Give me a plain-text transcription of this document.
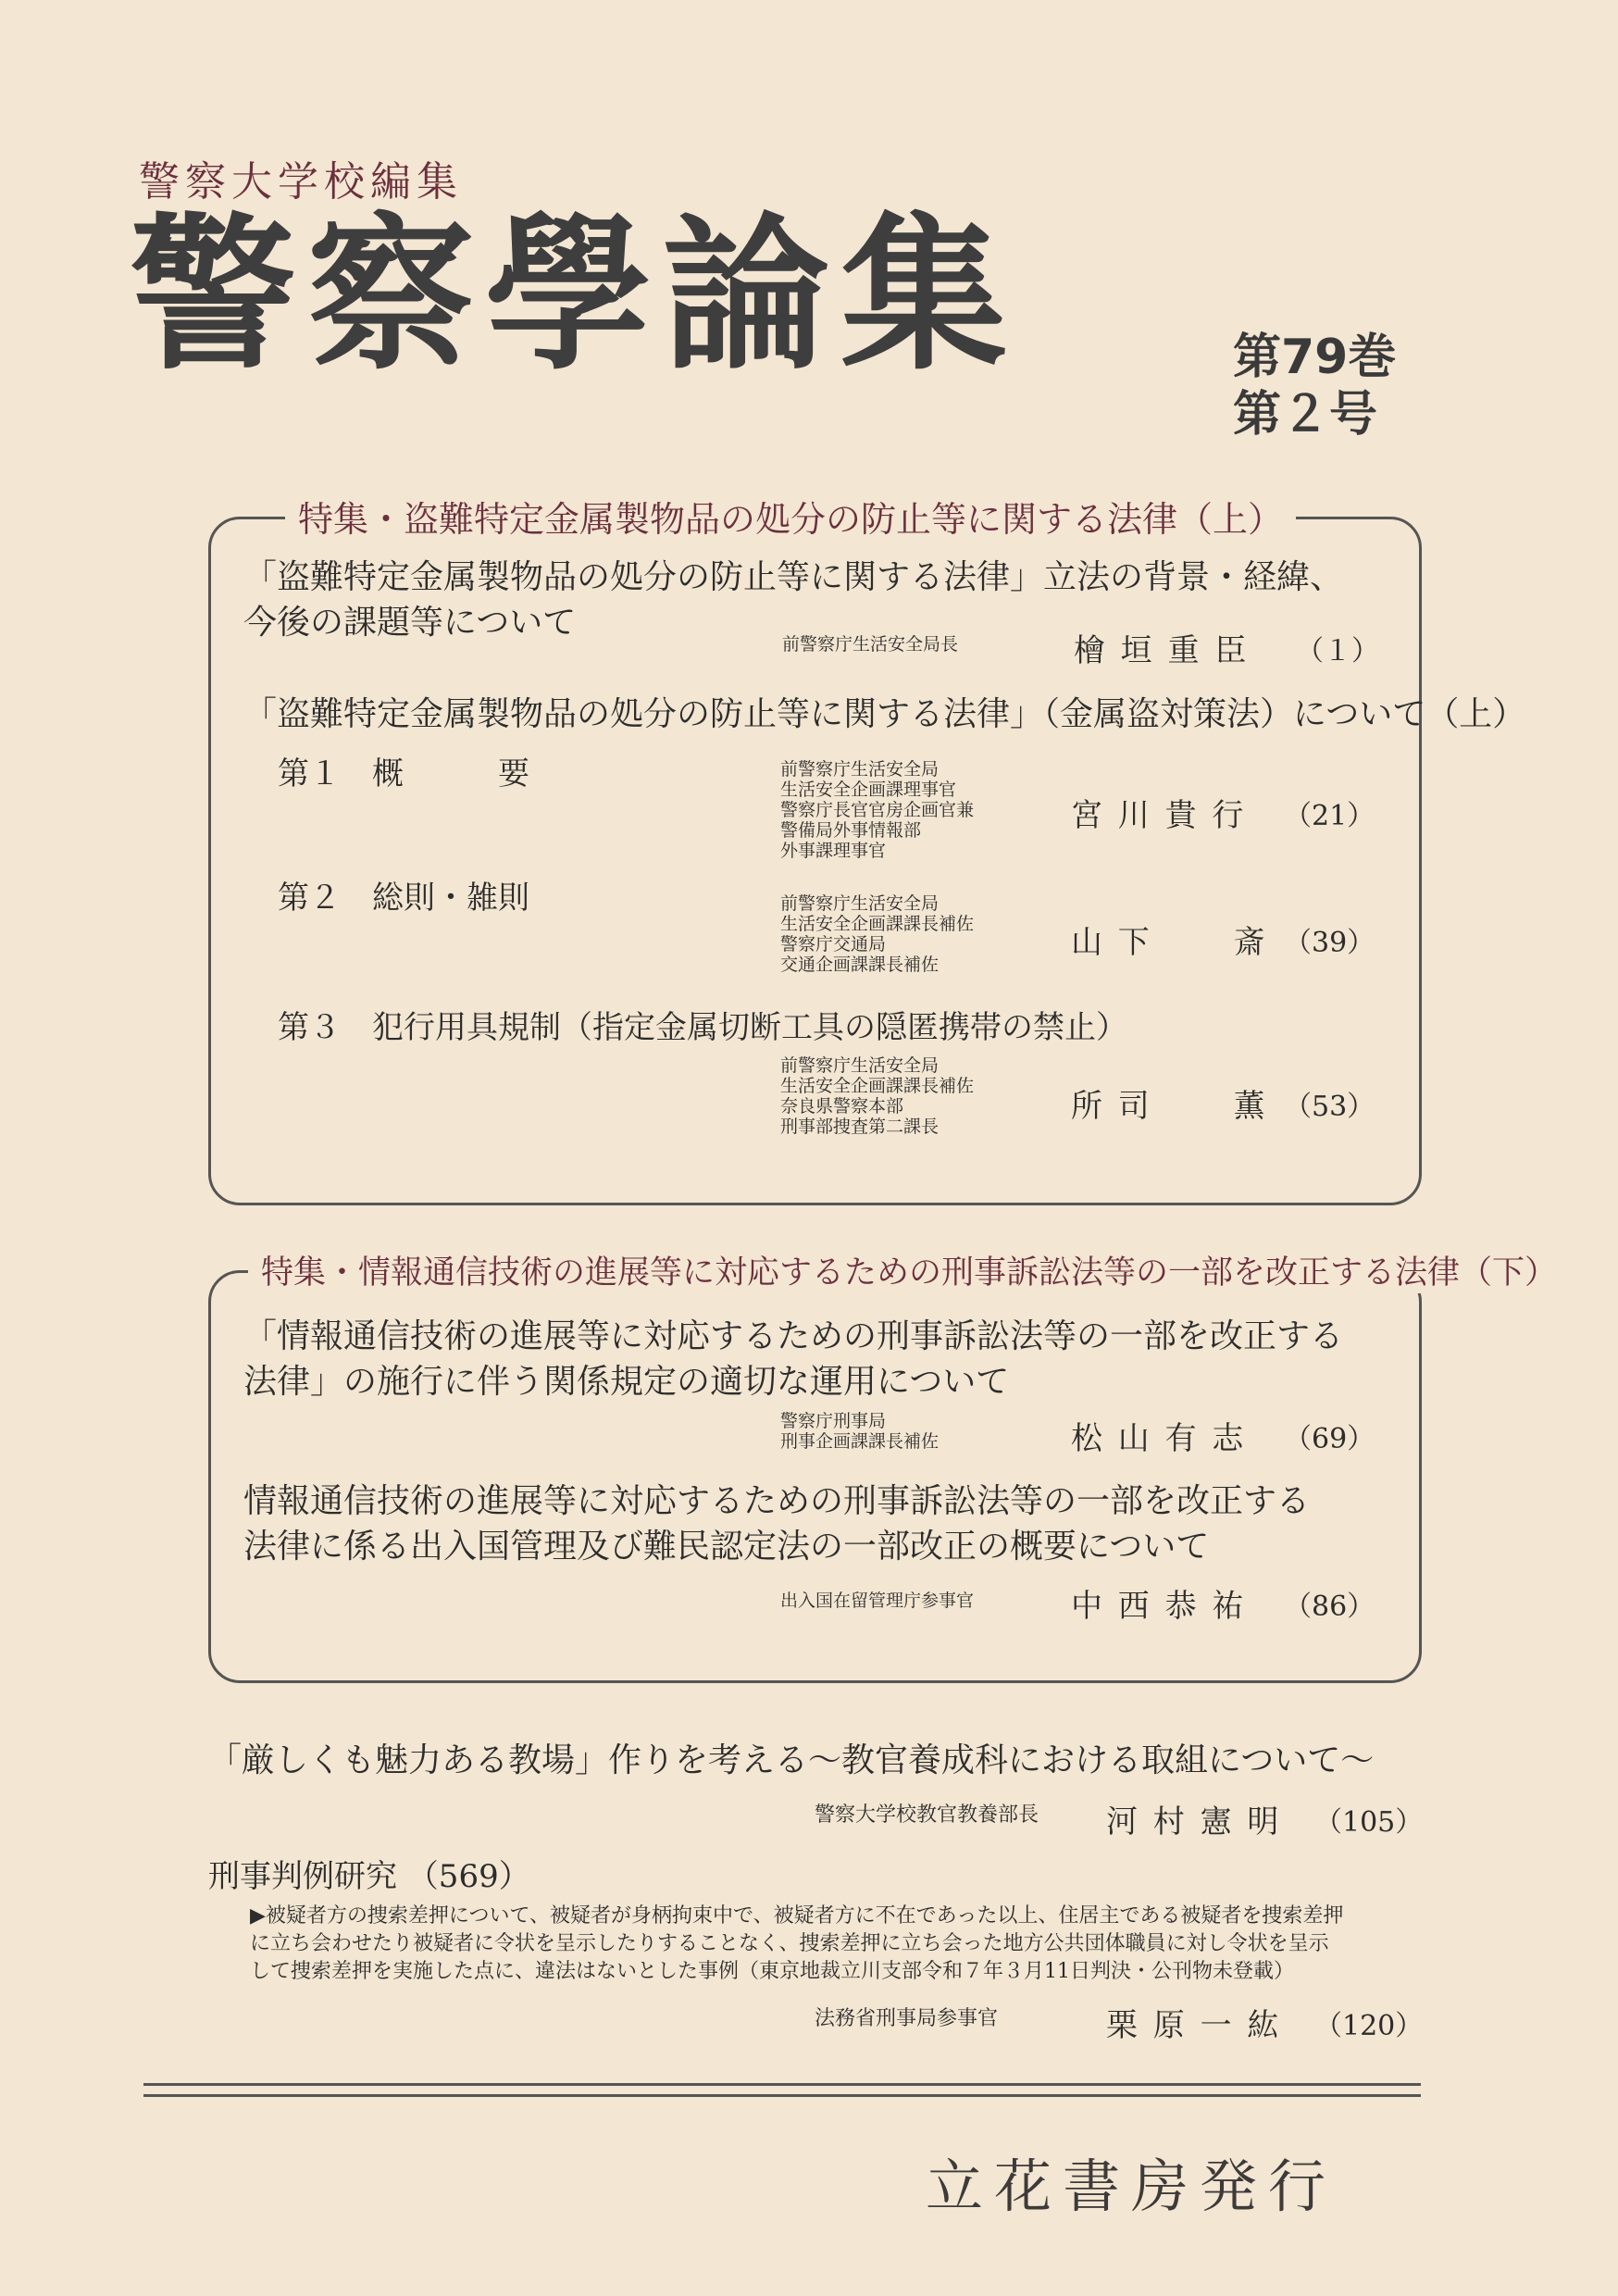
警察大学校編集
警察學論集	第79巻
第２号
特集・盗難特定金属製物品の処分の防止等に関する法律（上）
「盗難特定金属製物品の処分の防止等に関する法律」立法の背景・経緯、
今後の課題等について
前警察庁生活安全局長	檜 垣 重 臣 （１）
「盗難特定金属製物品の処分の防止等に関する法律」（金属盗対策法）について（上）
第１　概　　　要	前警察庁生活安全局
生活安全企画課理事官
警察庁長官官房企画官兼
警備局外事情報部
外事課理事官
宮 川 貴 行 （21）
第２　総則・雑則	前警察庁生活安全局
生活安全企画課課長補佐
警察庁交通局
交通企画課課長補佐
山 下　　 斎 （39）
第３　犯行用具規制（指定金属切断工具の隠匿携帯の禁止）
前警察庁生活安全局
生活安全企画課課長補佐
奈良県警察本部
刑事部捜査第二課長
所 司　　 薫 （53）
特集・情報通信技術の進展等に対応するための刑事訴訟法等の一部を改正する法律（下）
「情報通信技術の進展等に対応するための刑事訴訟法等の一部を改正する
法律」の施行に伴う関係規定の適切な運用について
警察庁刑事局
刑事企画課課長補佐	松 山 有 志 （69）
情報通信技術の進展等に対応するための刑事訴訟法等の一部を改正する
法律に係る出入国管理及び難民認定法の一部改正の概要について
出入国在留管理庁参事官	中 西 恭 祐 （86）
「厳しくも魅力ある教場」作りを考える～教官養成科における取組について～
警察大学校教官教養部長 河 村 憲 明 （105）
刑事判例研究 （569）
▶被疑者方の捜索差押について、被疑者が身柄拘束中で、被疑者方に不在であった以上、住居主である被疑者を捜索差押
に立ち会わせたり被疑者に令状を呈示したりすることなく、捜索差押に立ち会った地方公共団体職員に対し令状を呈示
して捜索差押を実施した点に、違法はないとした事例（東京地裁立川支部令和７年３月11日判決・公刊物未登載）
法務省刑事局参事官	栗 原 一 紘 （120）
立花書房発行
